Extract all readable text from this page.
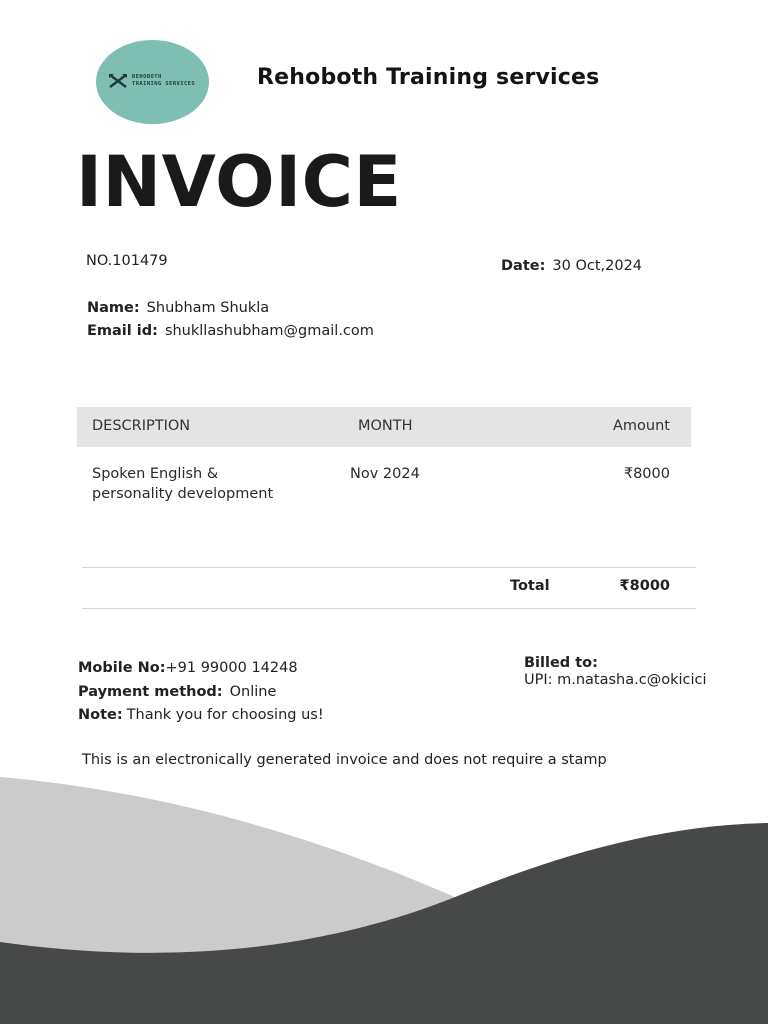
REHOBOTH
TRAINING SERVICES	Rehoboth Training services
INVOICE
NO.101479	Date: 30 Oct,2024
Name: Shubham Shukla
Email id: shukllashubham@gmail.com
DESCRIPTION	MONTH	Amount
Spoken English &
personality development
Nov 2024	₹8000
Total	₹8000
Mobile No:+91 99000 14248
Payment method: Online
Note: Thank you for choosing us!
Billed to:
UPI: m.natasha.c@okicici
This is an electronically generated invoice and does not require a stamp
